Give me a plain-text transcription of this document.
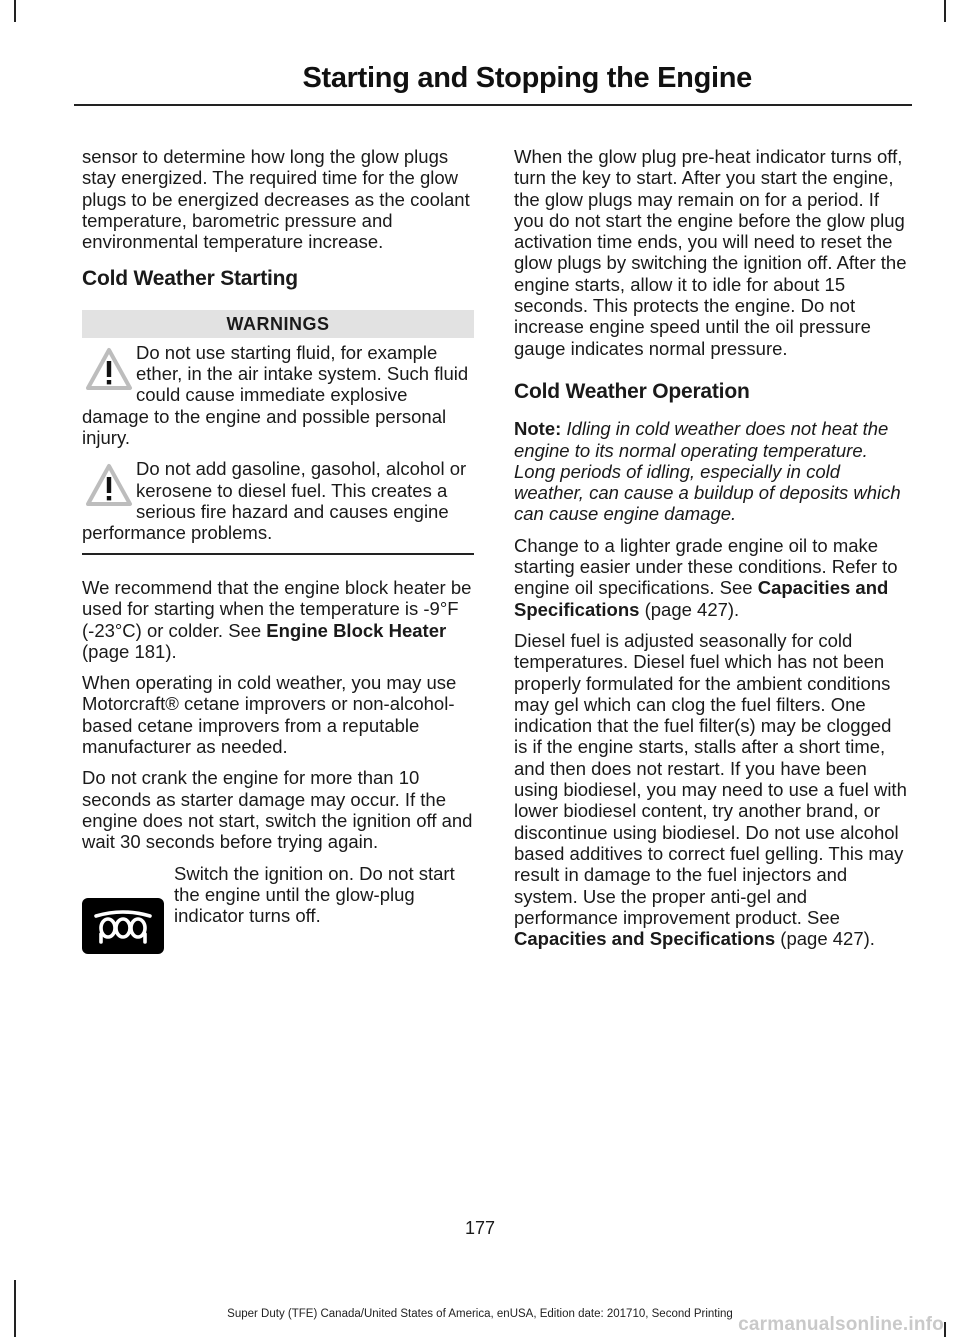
Starting and Stopping the Engine

sensor to determine how long the glow plugs stay energized. The required time for the glow plugs to be energized decreases as the coolant temperature, barometric pressure and environmental temperature increase.

Cold Weather Starting
WARNINGS
Do not use starting fluid, for example ether, in the air intake system. Such fluid could cause immediate explosive damage to the engine and possible personal injury.
Do not add gasoline, gasohol, alcohol or kerosene to diesel fuel. This creates a serious fire hazard and causes engine performance problems.

We recommend that the engine block heater be used for starting when the temperature is -9°F (-23°C) or colder. See Engine Block Heater (page 181).

When operating in cold weather, you may use Motorcraft® cetane improvers or non-alcohol-based cetane improvers from a reputable manufacturer as needed.

Do not crank the engine for more than 10 seconds as starter damage may occur. If the engine does not start, switch the ignition off and wait 30 seconds before trying again.

Switch the ignition on. Do not start the engine until the glow-plug indicator turns off.

When the glow plug pre-heat indicator turns off, turn the key to start. After you start the engine, the glow plugs may remain on for a period. If you do not start the engine before the glow plug activation time ends, you will need to reset the glow plugs by switching the ignition off. After the engine starts, allow it to idle for about 15 seconds. This protects the engine. Do not increase engine speed until the oil pressure gauge indicates normal pressure.

Cold Weather Operation

Note: Idling in cold weather does not heat the engine to its normal operating temperature. Long periods of idling, especially in cold weather, can cause a buildup of deposits which can cause engine damage.

Change to a lighter grade engine oil to make starting easier under these conditions. Refer to engine oil specifications. See Capacities and Specifications (page 427).

Diesel fuel is adjusted seasonally for cold temperatures. Diesel fuel which has not been properly formulated for the ambient conditions may gel which can clog the fuel filters. One indication that the fuel filter(s) may be clogged is if the engine starts, stalls after a short time, and then does not restart. If you have been using biodiesel, you may need to use a fuel with lower biodiesel content, try another brand, or discontinue using biodiesel. Do not use alcohol based additives to correct fuel gelling. This may result in damage to the fuel injectors and system. Use the proper anti-gel and performance improvement product. See Capacities and Specifications (page 427).

177
Super Duty (TFE) Canada/United States of America, enUSA, Edition date: 201710, Second Printing carmanualsonline.info
